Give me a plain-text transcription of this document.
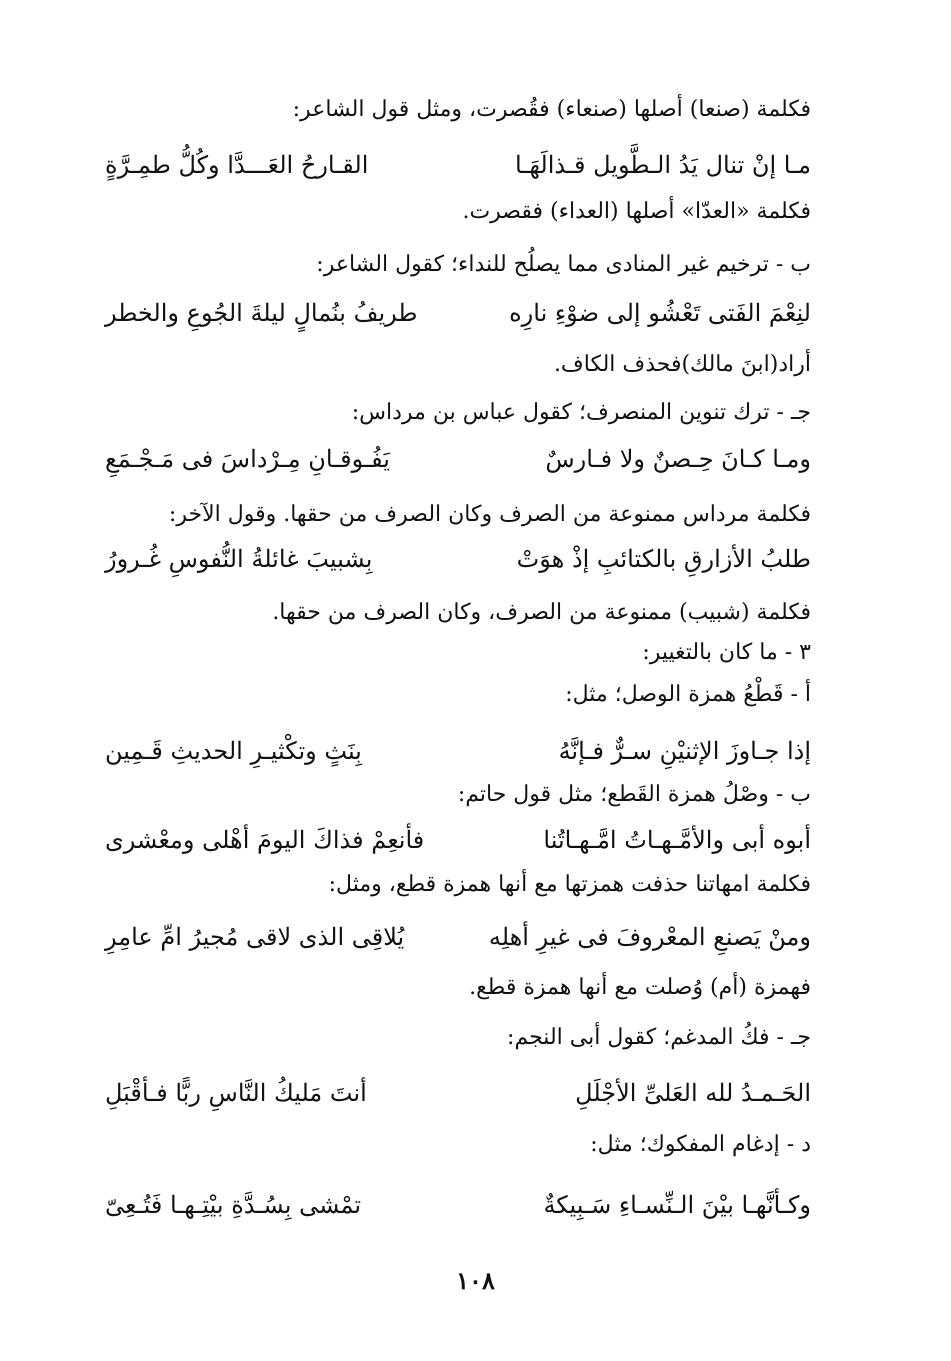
فكلمة (صنعا) أصلها (صنعاء) فقُصرت، ومثل قول الشاعر:
مـا إنْ تنال يَدُ الـطَّويل قـذالَهَـا
القـارحُ العَـــدَّا وكُلُّ طمِـرَّةٍ
فكلمة «العدّا» أصلها (العداء) فقصرت.
ب - ترخيم غير المنادى مما يصلُح للنداء؛ كقول الشاعر:
لنِعْمَ الفَتى تَعْشُو إلى ضوْءِ نارِه
طريفُ بنُمالٍ ليلةَ الجُوعِ والخطر
أراد(ابنَ مالك)فحذف الكاف.
جـ - ترك تنوين المنصرف؛ كقول عباس بن مرداس:
ومـا كـانَ حِـصنٌ ولا فـارسٌ
يَفُـوقـانِ مِـرْداسَ فى مَـجْـمَعِ
فكلمة مرداس ممنوعة من الصرف وكان الصرف من حقها. وقول الآخر:
طلبُ الأزارقِ بالكتائبِ إذْ هوَتْ
بِشبيبَ غائلةُ النُّفوسِ غُـرورُ
فكلمة (شبيب) ممنوعة من الصرف، وكان الصرف من حقها.
٣ - ما كان بالتغيير:
أ - قَطْعُ همزة الوصل؛ مثل:
إذا جـاوزَ الإثنيْنِ سـرٌّ فـإنَّهُ
بِنَثٍ وتكْثيـرِ الحديثِ قَـمِين
ب - وصْلُ همزة القَطع؛ مثل قول حاتم:
أبوه أبى والأمَّـهـاتُ امَّـهـاتُنا
فأنعِمْ فذاكَ اليومَ أهْلى ومعْشرى
فكلمة امهاتنا حذفت همزتها مع أنها همزة قطع، ومثل:
ومنْ يَصنعِ المعْروفَ فى غيرِ أهلِه
يُلاقِى الذى لاقى مُجيرُ امِّ عامِرِ
فهمزة (أم) وُصلت مع أنها همزة قطع.
جـ - فكُ المدغم؛ كقول أبى النجم:
الحَـمـدُ لله العَلىِّ الأجْلَلِ
أنتَ مَليكُ النَّاسِ ربًّا فـأقْبَلِ
د - إدغام المفكوك؛ مثل:
وكـأنَّهـا بيْنَ الـنِّسـاءِ سَـبِيكةٌ
تمْشى بِسُـدَّةِ بيْتِـهـا فَتُـعِىّ
١٠٨
